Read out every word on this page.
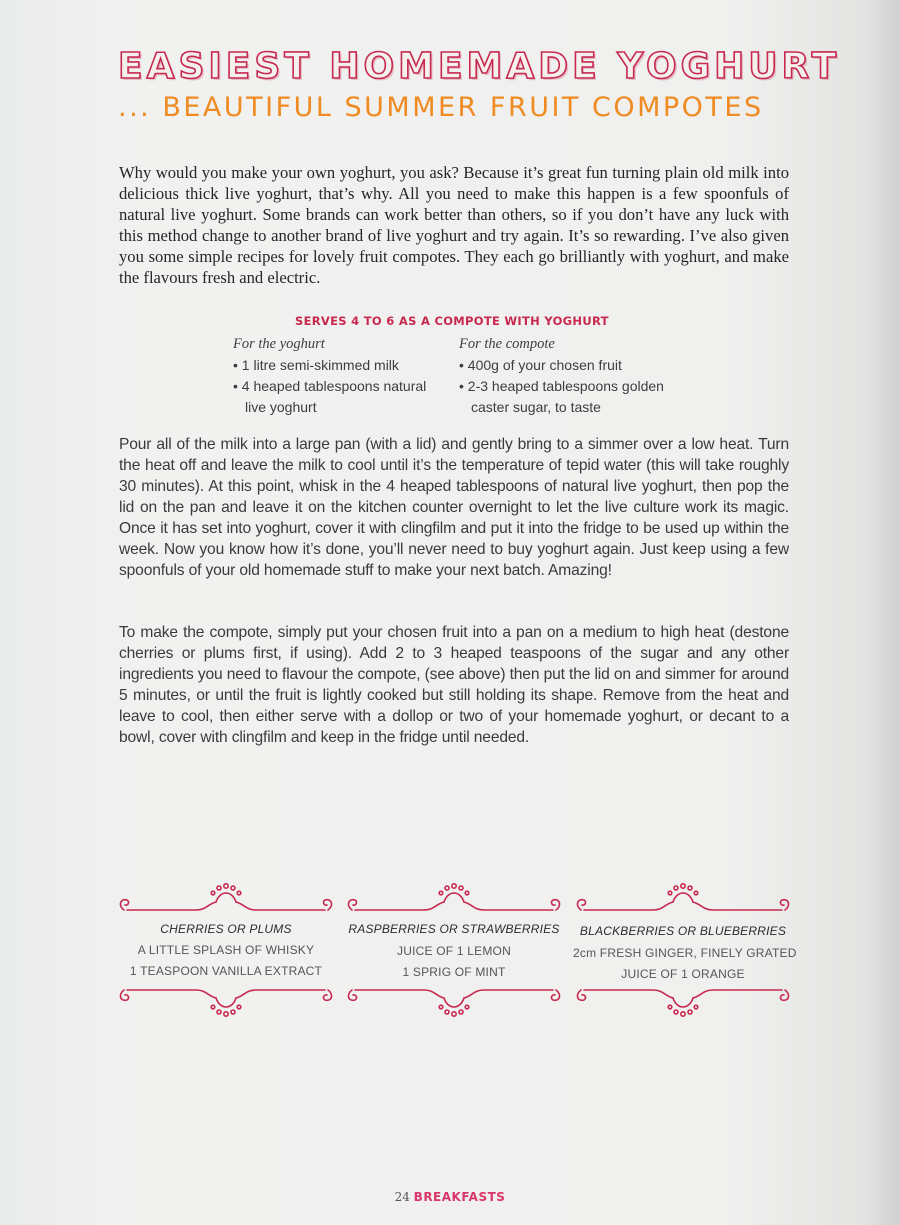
EASIEST HOMEMADE YOGHURT
... BEAUTIFUL SUMMER FRUIT COMPOTES

Why would you make your own yoghurt, you ask? Because it’s great fun turning plain old milk into delicious thick live yoghurt, that’s why. All you need to make this happen is a few spoonfuls of natural live yoghurt. Some brands can work better than others, so if you don’t have any luck with this method change to another brand of live yoghurt and try again. It’s so rewarding. I’ve also given you some simple recipes for lovely fruit compotes. They each go brilliantly with yoghurt, and make the flavours fresh and electric.

SERVES 4 TO 6 AS A COMPOTE WITH YOGHURT
For the yoghurt
• 1 litre semi-skimmed milk
• 4 heaped tablespoons natural live yoghurt
For the compote
• 400g of your chosen fruit
• 2-3 heaped tablespoons golden caster sugar, to taste

Pour all of the milk into a large pan (with a lid) and gently bring to a simmer over a low heat. Turn the heat off and leave the milk to cool until it’s the temperature of tepid water (this will take roughly 30 minutes). At this point, whisk in the 4 heaped tablespoons of natural live yoghurt, then pop the lid on the pan and leave it on the kitchen counter overnight to let the live culture work its magic. Once it has set into yoghurt, cover it with clingfilm and put it into the fridge to be used up within the week. Now you know how it’s done, you’ll never need to buy yoghurt again. Just keep using a few spoonfuls of your old homemade stuff to make your next batch. Amazing!

To make the compote, simply put your chosen fruit into a pan on a medium to high heat (destone cherries or plums first, if using). Add 2 to 3 heaped teaspoons of the sugar and any other ingredients you need to flavour the compote, (see above) then put the lid on and simmer for around 5 minutes, or until the fruit is lightly cooked but still holding its shape. Remove from the heat and leave to cool, then either serve with a dollop or two of your homemade yoghurt, or decant to a bowl, cover with clingfilm and keep in the fridge until needed.

CHERRIES OR PLUMS
A LITTLE SPLASH OF WHISKY
1 TEASPOON VANILLA EXTRACT
RASPBERRIES OR STRAWBERRIES
JUICE OF 1 LEMON
1 SPRIG OF MINT
BLACKBERRIES OR BLUEBERRIES
2cm FRESH GINGER, FINELY GRATED
JUICE OF 1 ORANGE
24 BREAKFASTS
